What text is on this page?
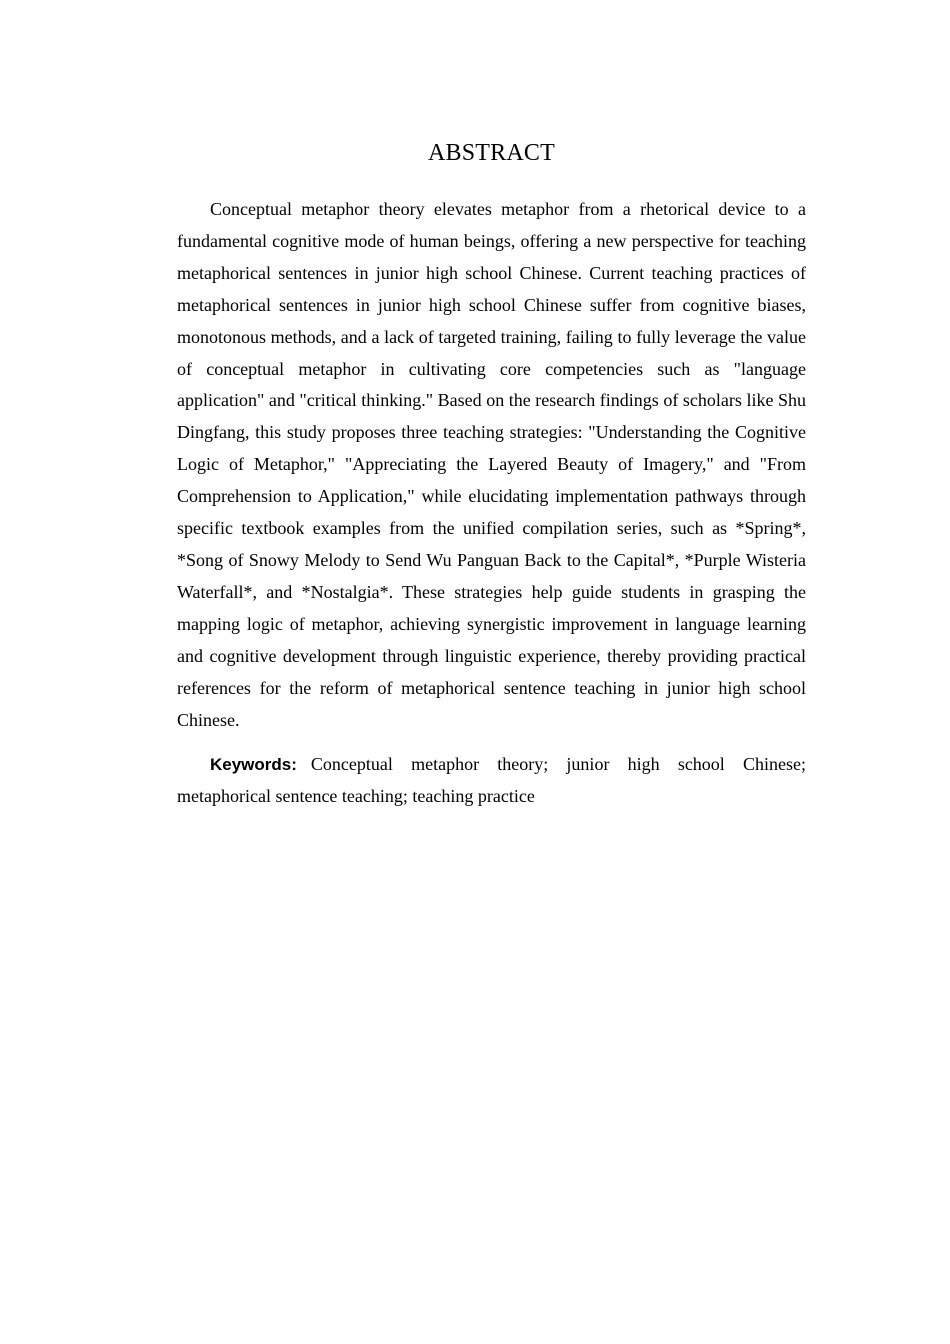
ABSTRACT

Conceptual metaphor theory elevates metaphor from a rhetorical device to a fundamental cognitive mode of human beings, offering a new perspective for teaching metaphorical sentences in junior high school Chinese. Current teaching practices of metaphorical sentences in junior high school Chinese suffer from cognitive biases, monotonous methods, and a lack of targeted training, failing to fully leverage the value of conceptual metaphor in cultivating core competencies such as "language application" and "critical thinking." Based on the research findings of scholars like Shu Dingfang, this study proposes three teaching strategies: "Understanding the Cognitive Logic of Metaphor," "Appreciating the Layered Beauty of Imagery," and "From Comprehension to Application," while elucidating implementation pathways through specific textbook examples from the unified compilation series, such as *Spring*, *Song of Snowy Melody to Send Wu Panguan Back to the Capital*, *Purple Wisteria Waterfall*, and *Nostalgia*. These strategies help guide students in grasping the mapping logic of metaphor, achieving synergistic improvement in language learning and cognitive development through linguistic experience, thereby providing practical references for the reform of metaphorical sentence teaching in junior high school Chinese.

Keywords: Conceptual metaphor theory; junior high school Chinese; metaphorical sentence teaching; teaching practice
